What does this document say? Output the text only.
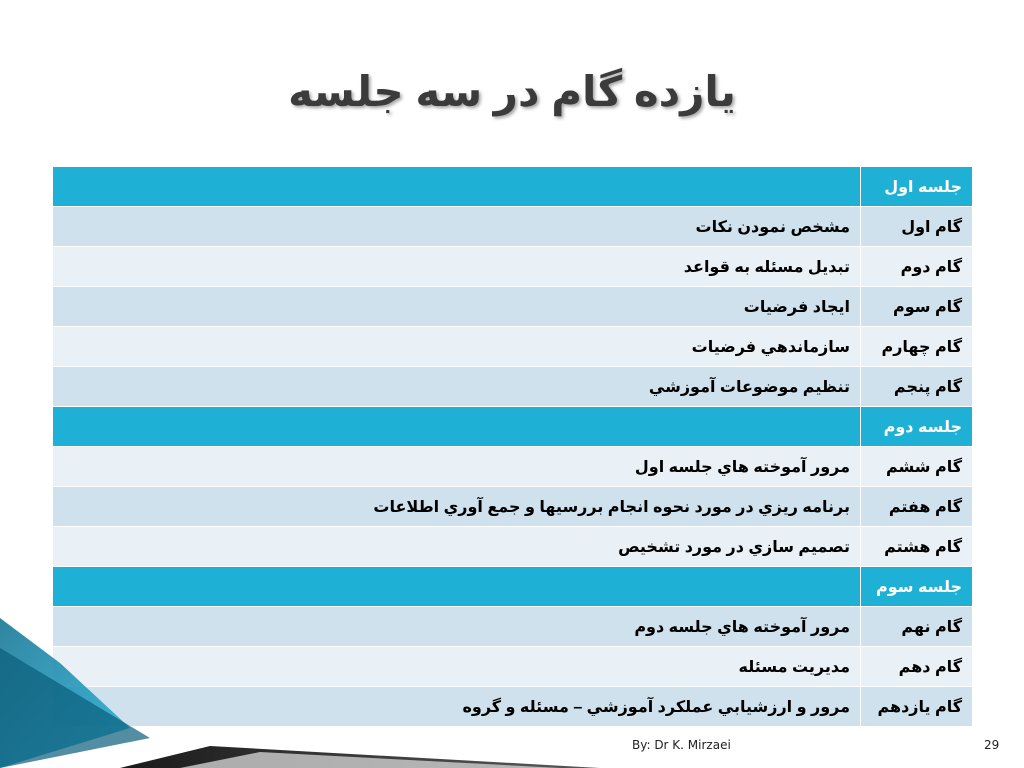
یازده گام در سه جلسه
جلسه اول	
گام اول	مشخص نمودن نكات
گام دوم	تبديل مسئله به قواعد
گام سوم	ايجاد فرضيات
گام چهارم	سازماندهي فرضيات
گام پنجم	تنظيم موضوعات آموزشي
جلسه دوم	
گام ششم	مرور آموخته هاي جلسه اول
گام هفتم	برنامه ريزي در مورد نحوه انجام بررسيها و جمع آوري اطلاعات
گام هشتم	تصميم سازي در مورد تشخيص
جلسه سوم	
گام نهم	مرور آموخته هاي جلسه دوم
گام دهم	مديريت مسئله
گام يازدهم	مرور و ارزشيابي عملكرد آموزشي – مسئله و گروه
By: Dr K. Mirzaei	29
